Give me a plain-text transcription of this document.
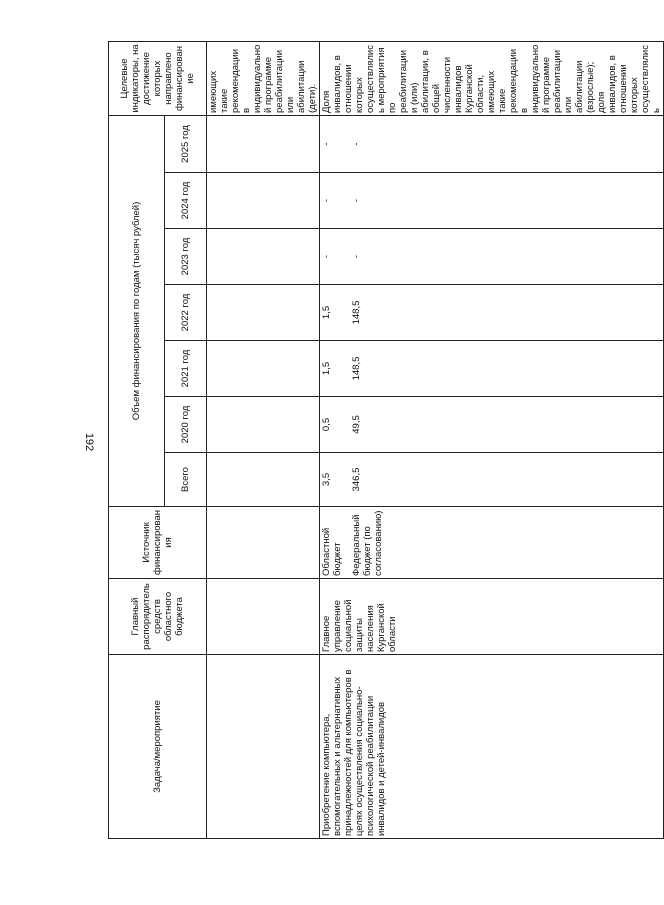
192
Задача/мероприятие	Главный распорядитель средств областного бюджета	Источник финансирования	Объем финансирования по годам (тысяч рублей)							Целевые индикаторы, на достижение которых направлено финансирование
			Всего	2020 год	2021 год	2022 год	2023 год	2024 год	2025 год	
										имеющих такие рекомендации в индивидуальной программе реабилитации или абилитации (дети).
Приобретение компьютера, вспомогательных и альтернативных принадлежностей для компьютеров в целях осуществления социально-психологической реабилитации инвалидов и детей-инвалидов	Главное управление социальной защиты населения Курганской области	Областной бюджет	3,5	0,5	1,5	1,5	-	-	-	Доля инвалидов, в отношении которых осуществлялись мероприятия по реабилитации и (или) абилитации, в общей численности инвалидов Курганской области, имеющих такие рекомендации в индивидуальной программе реабилитации или абилитации (взрослые); доля инвалидов, в отношении которых осуществлялись
		Федеральный бюджет (по согласованию)	346,5	49,5	148,5	148,5	-	-	-	
